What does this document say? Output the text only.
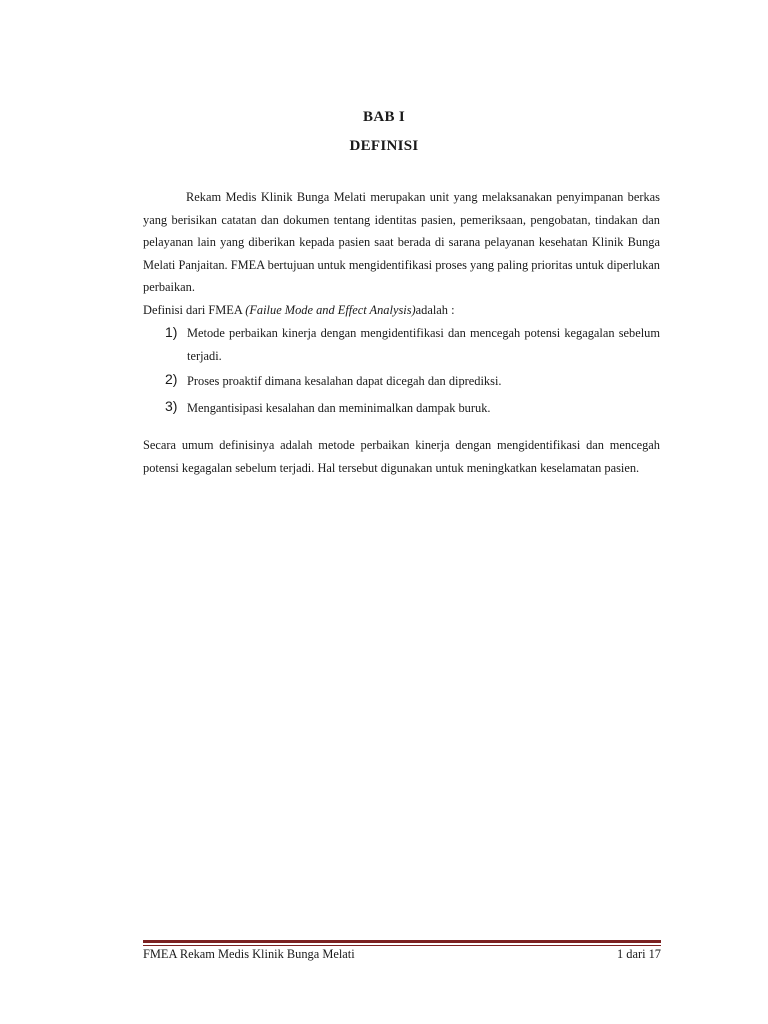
BAB I
DEFINISI
Rekam Medis Klinik Bunga Melati merupakan unit yang melaksanakan penyimpanan berkas yang berisikan catatan dan dokumen tentang identitas pasien, pemeriksaan, pengobatan, tindakan dan pelayanan lain yang diberikan kepada pasien saat berada di sarana pelayanan kesehatan Klinik Bunga Melati Panjaitan. FMEA bertujuan untuk mengidentifikasi proses yang paling prioritas untuk diperlukan perbaikan.
Definisi dari FMEA (Failue Mode and Effect Analysis)adalah :
1) Metode perbaikan kinerja dengan mengidentifikasi dan mencegah potensi kegagalan sebelum terjadi.
2) Proses proaktif dimana kesalahan dapat dicegah dan diprediksi.
3) Mengantisipasi kesalahan dan meminimalkan dampak buruk.
Secara umum definisinya adalah metode perbaikan kinerja dengan mengidentifikasi dan mencegah potensi kegagalan sebelum terjadi. Hal tersebut digunakan untuk meningkatkan keselamatan pasien.
FMEA Rekam Medis Klinik Bunga Melati	1 dari 17
